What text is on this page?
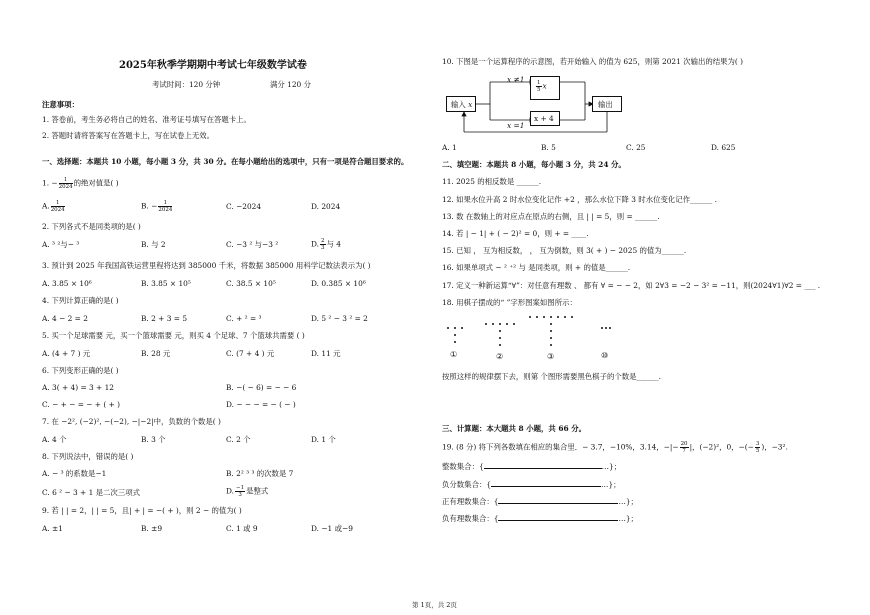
2025年秋季学期期中考试七年级数学试卷
考试时间：120 分钟	满分 120 分
注意事项：
1. 答卷前，考生务必将自己的姓名、准考证号填写在答题卡上。
2. 答题时请将答案写在答题卡上，写在试卷上无效。
一、选择题：本题共 10 小题，每小题 3 分，共 30 分。在每小题给出的选项中，只有一项是符合题目要求的。
1. − $\frac{1}{2024}$ 的绝对值是( )
A. $\frac{1}{2024}$	B. − $\frac{1}{2024}$	C. −2024	D. 2024
2. 下列各式不是同类项的是( )
A. ³ ²与− ³	B. 与 2	C. −3 ² 与−3 ²	D. $\frac{2}{3}$ 与 4
3. 预计到 2025 年我国高铁运营里程将达到 385000 千米，将数据 385000 用科学记数法表示为( )
A. 3.85 × 10⁶	B. 3.85 × 10⁵	C. 38.5 × 10⁵	D. 0.385 × 10⁶
4. 下列计算正确的是( )
A. 4 − 2 = 2	B. 2 + 3 = 5	C. + ² = ³	D. 5 ² − 3 ² = 2
5. 买一个足球需要 元，买一个篮球需要 元，则买 4 个足球、7 个篮球共需要 ( )
A. (4 + 7 ) 元	B. 28 元	C. (7 + 4 ) 元	D. 11 元
6. 下列变形正确的是( )
A. 3( + 4) = 3 + 12	B. −( − 6) = − − 6
C. − + − = − + ( + )	D. − − − = − ( − )
7. 在 −2², (−2)², −(−2), −|−2|中，负数的个数是( )
A. 4 个	B. 3 个	C. 2 个	D. 1 个
8. 下列说法中，错误的是( )
A. − ³ 的系数是−1	B. 2² ³ ³ 的次数是 7
C. 6 ² − 3 + 1 是二次三项式	D. $\frac{-1}{3}$ 是整式
9. 若 | | = 2，| | = 5，且| + | = −( + )，则 2 − 的值为( )
A. ±1	B. ±9	C. 1 或 9	D. −1 或−9
10. 下图是一个运算程序的示意图，若开始输入 的值为 625，则第 2021 次输出的结果为( )
输入 x
$\frac{1}{5}$ x
x + 4
输出
x ≠1
x =1
A. 1	B. 5	C. 25	D. 625
二、填空题：本题共 8 小题，每小题 3 分，共 24 分。
11. 2025 的相反数是 ______.
12. 如果水位升高 2 时水位变化记作 +2 ，那么水位下降 3 时水位变化记作______ .
13. 数 在数轴上的对应点在原点的右侧，且 | | = 5，则 = ______.
14. 若 | − 1| + ( − 2)² = 0，则 + = ____.
15. 已知 ， 互为相反数， ， 互为倒数，则 3( + ) − 2025 的值为______.
16. 如果单项式 − ² ⁺² 与 是同类项，则 + 的值是______.
17. 定义一种新运算“∀”：对任意有理数 、 都有 ∀ = − − 2，如 2∀3 = −2 − 3² = −11，则(2024∀1)∀2 = ___ .
18. 用棋子摆成的“ ”字形图案如图所示：
①	②	③	⑩
按照这样的规律摆下去，则第 个图形需要黑色棋子的个数是______.
三、计算题：本大题共 8 小题，共 66 分。
19. (8 分) 将下列各数填在相应的集合里．− 3.7，−10%，3.14，−|− $\frac{20}{7}$ |，(−2)²，0，−(− $\frac{3}{5}$ )，−3².
整数集合：{	…}；
负分数集合：{	…}；
正有理数集合：{	…}；
负有理数集合：{	…}；
第 1页，共 2页
